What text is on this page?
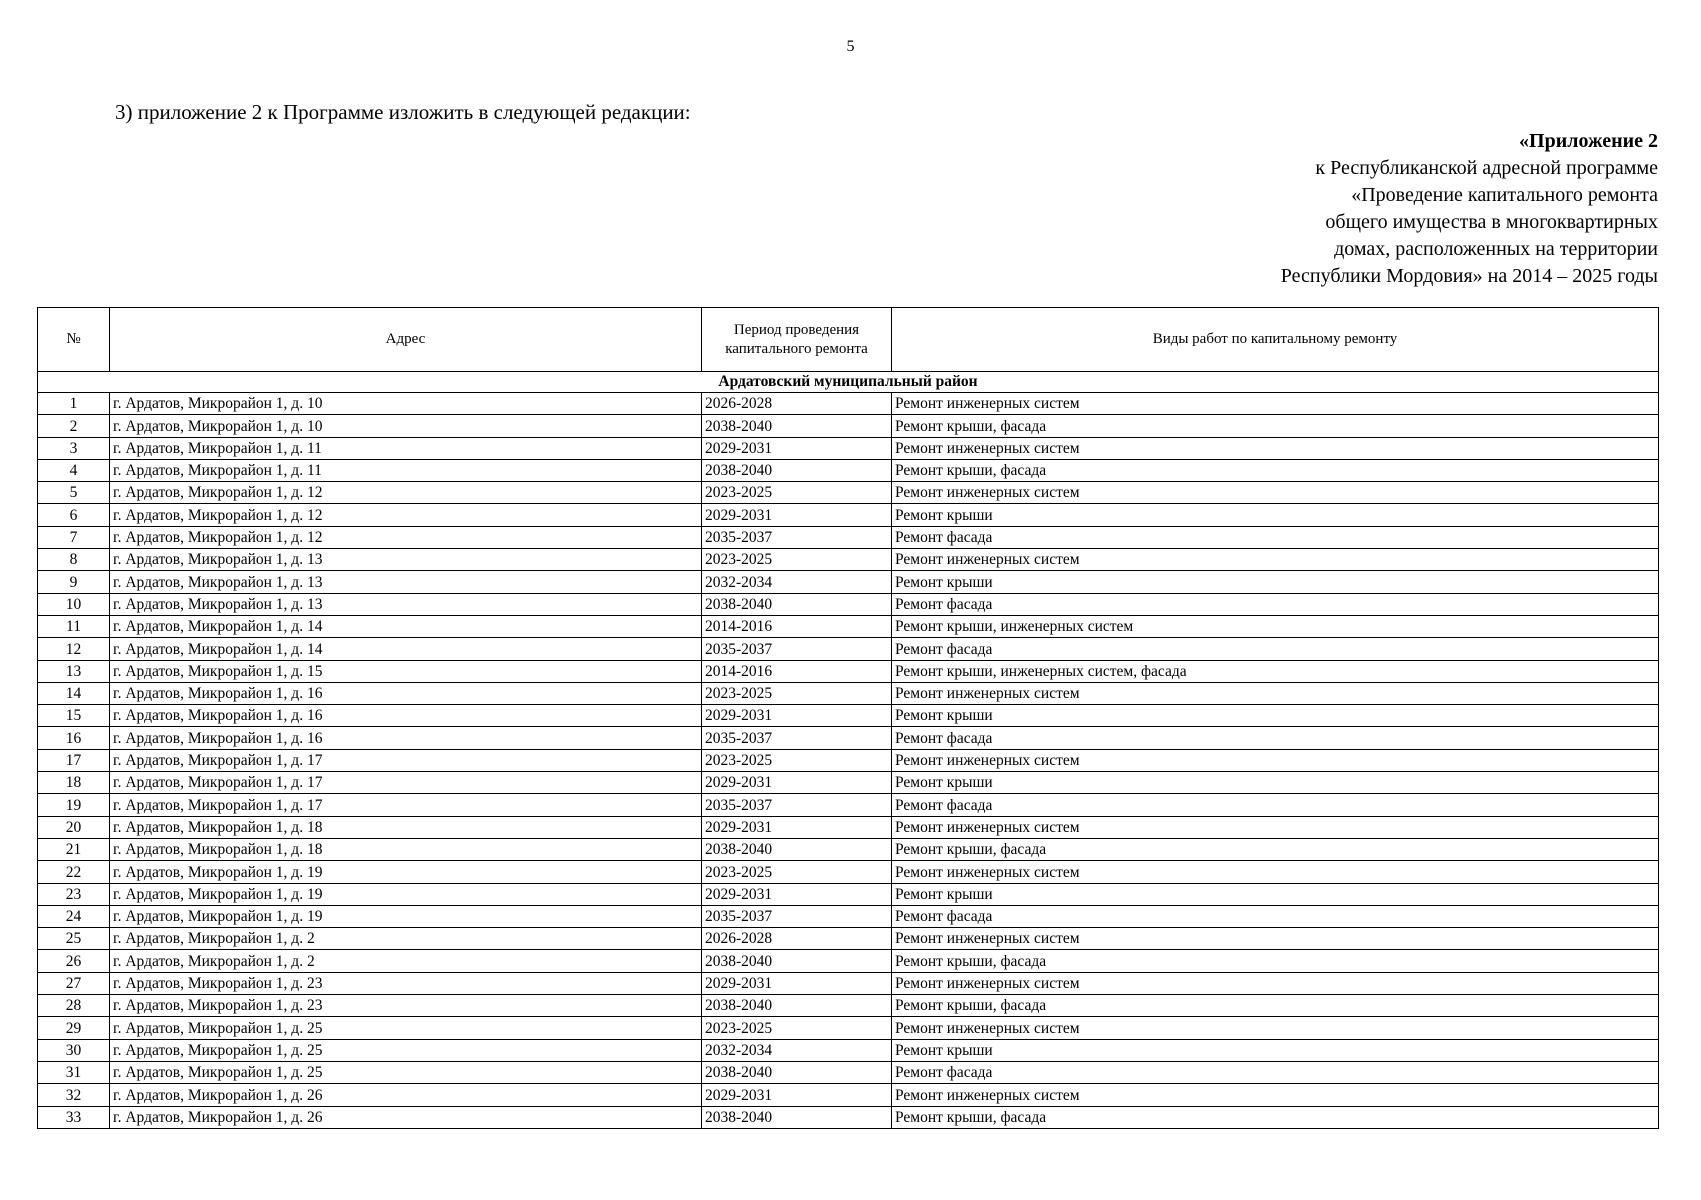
5
3) приложение 2 к Программе изложить в следующей редакции:
«Приложение 2
к Республиканской адресной программе
«Проведение капитального ремонта
общего имущества в многоквартирных
домах, расположенных на территории
Республики Мордовия» на 2014 – 2025 годы
№	Адрес	Период проведения капитального ремонта	Виды работ по капитальному ремонту
Ардатовский муниципальный район			
1	г. Ардатов, Микрорайон 1, д. 10	2026-2028	Ремонт инженерных систем
2	г. Ардатов, Микрорайон 1, д. 10	2038-2040	Ремонт крыши, фасада
3	г. Ардатов, Микрорайон 1, д. 11	2029-2031	Ремонт инженерных систем
4	г. Ардатов, Микрорайон 1, д. 11	2038-2040	Ремонт крыши, фасада
5	г. Ардатов, Микрорайон 1, д. 12	2023-2025	Ремонт инженерных систем
6	г. Ардатов, Микрорайон 1, д. 12	2029-2031	Ремонт крыши
7	г. Ардатов, Микрорайон 1, д. 12	2035-2037	Ремонт фасада
8	г. Ардатов, Микрорайон 1, д. 13	2023-2025	Ремонт инженерных систем
9	г. Ардатов, Микрорайон 1, д. 13	2032-2034	Ремонт крыши
10	г. Ардатов, Микрорайон 1, д. 13	2038-2040	Ремонт фасада
11	г. Ардатов, Микрорайон 1, д. 14	2014-2016	Ремонт крыши, инженерных систем
12	г. Ардатов, Микрорайон 1, д. 14	2035-2037	Ремонт фасада
13	г. Ардатов, Микрорайон 1, д. 15	2014-2016	Ремонт крыши, инженерных систем, фасада
14	г. Ардатов, Микрорайон 1, д. 16	2023-2025	Ремонт инженерных систем
15	г. Ардатов, Микрорайон 1, д. 16	2029-2031	Ремонт крыши
16	г. Ардатов, Микрорайон 1, д. 16	2035-2037	Ремонт фасада
17	г. Ардатов, Микрорайон 1, д. 17	2023-2025	Ремонт инженерных систем
18	г. Ардатов, Микрорайон 1, д. 17	2029-2031	Ремонт крыши
19	г. Ардатов, Микрорайон 1, д. 17	2035-2037	Ремонт фасада
20	г. Ардатов, Микрорайон 1, д. 18	2029-2031	Ремонт инженерных систем
21	г. Ардатов, Микрорайон 1, д. 18	2038-2040	Ремонт крыши, фасада
22	г. Ардатов, Микрорайон 1, д. 19	2023-2025	Ремонт инженерных систем
23	г. Ардатов, Микрорайон 1, д. 19	2029-2031	Ремонт крыши
24	г. Ардатов, Микрорайон 1, д. 19	2035-2037	Ремонт фасада
25	г. Ардатов, Микрорайон 1, д. 2	2026-2028	Ремонт инженерных систем
26	г. Ардатов, Микрорайон 1, д. 2	2038-2040	Ремонт крыши, фасада
27	г. Ардатов, Микрорайон 1, д. 23	2029-2031	Ремонт инженерных систем
28	г. Ардатов, Микрорайон 1, д. 23	2038-2040	Ремонт крыши, фасада
29	г. Ардатов, Микрорайон 1, д. 25	2023-2025	Ремонт инженерных систем
30	г. Ардатов, Микрорайон 1, д. 25	2032-2034	Ремонт крыши
31	г. Ардатов, Микрорайон 1, д. 25	2038-2040	Ремонт фасада
32	г. Ардатов, Микрорайон 1, д. 26	2029-2031	Ремонт инженерных систем
33	г. Ардатов, Микрорайон 1, д. 26	2038-2040	Ремонт крыши, фасада
